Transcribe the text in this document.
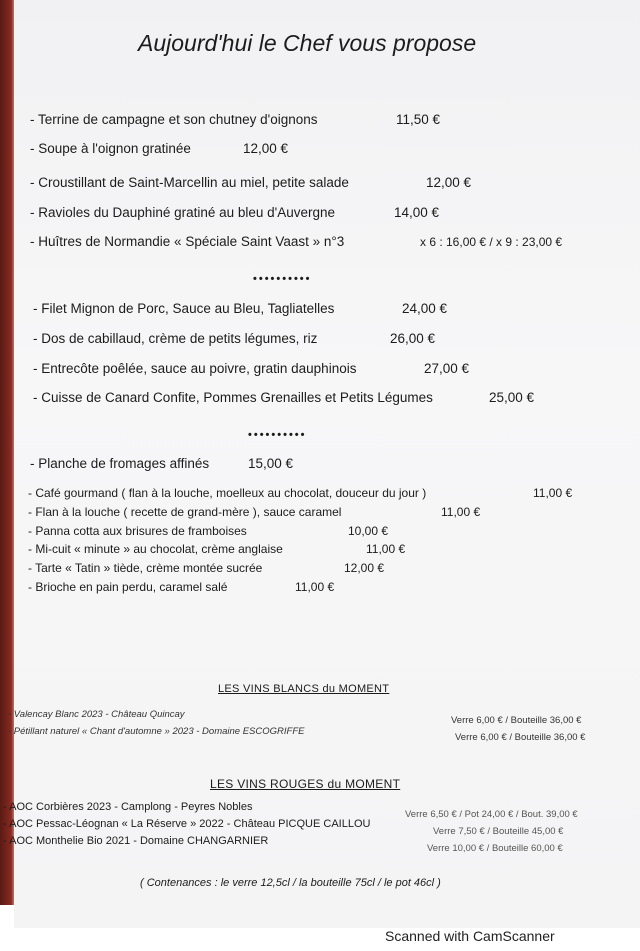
Aujourd'hui le Chef vous propose
- Terrine de campagne et son chutney d'oignons	11,50 €
- Soupe à l'oignon gratinée	12,00 €
- Croustillant de Saint-Marcellin au miel, petite salade	12,00 €
- Ravioles du Dauphiné gratiné au bleu d'Auvergne	14,00 €
- Huîtres de Normandie « Spéciale Saint Vaast » n°3	x 6 : 16,00 € / x 9 : 23,00 €
••••••••••
- Filet Mignon de Porc, Sauce au Bleu, Tagliatelles	24,00 €
- Dos de cabillaud, crème de petits légumes, riz	26,00 €
- Entrecôte poêlée, sauce au poivre, gratin dauphinois	27,00 €
- Cuisse de Canard Confite, Pommes Grenailles et Petits Légumes	25,00 €
••••••••••
- Planche de fromages affinés	15,00 €
- Café gourmand ( flan à la louche, moelleux au chocolat, douceur du jour )	11,00 €
- Flan à la louche ( recette de grand-mère ), sauce caramel	11,00 €
- Panna cotta aux brisures de framboises	10,00 €
- Mi-cuit « minute » au chocolat, crème anglaise	11,00 €
- Tarte « Tatin » tiède, crème montée sucrée	12,00 €
- Brioche en pain perdu, caramel salé	11,00 €
LES VINS BLANCS du MOMENT
- Valencay Blanc 2023 - Château Quincay
Verre 6,00 € / Bouteille 36,00 €
- Pétillant naturel « Chant d'automne » 2023 - Domaine ESCOGRIFFE
Verre 6,00 € / Bouteille 36,00 €
LES VINS ROUGES du MOMENT
- AOC Corbières 2023 - Camplong - Peyres Nobles
Verre 6,50 € / Pot 24,00 € / Bout. 39,00 €
- AOC Pessac-Léognan « La Réserve » 2022 - Château PICQUE CAILLOU
Verre 7,50 € / Bouteille 45,00 €
- AOC Monthelie Bio 2021 - Domaine CHANGARNIER
Verre 10,00 € / Bouteille 60,00 €
( Contenances : le verre 12,5cl / la bouteille 75cl / le pot 46cl )
Scanned with CamScanner
